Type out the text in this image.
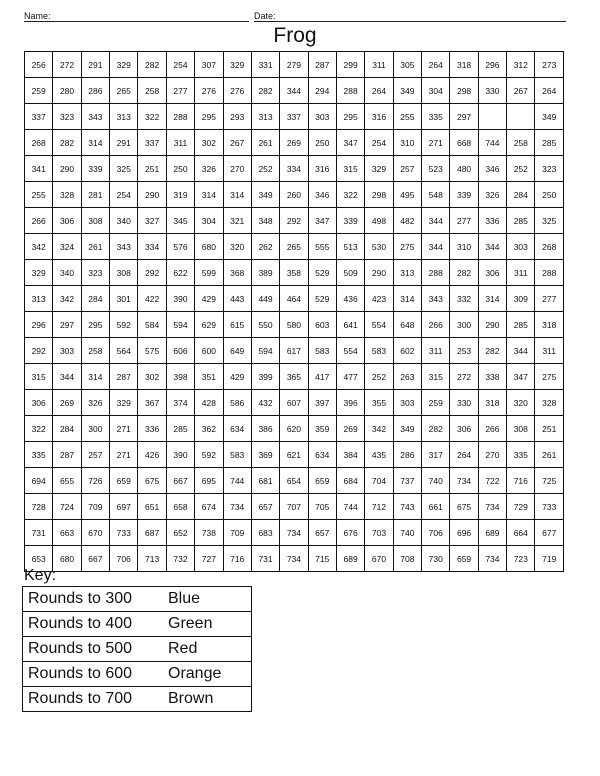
Name:	Date:
Frog
256	272	291	329	282	254	307	329	331	279	287	299	311	305	264	318	296	312	273
259	280	286	265	258	277	276	276	282	344	294	288	264	349	304	298	330	267	264
337	323	343	313	322	288	295	293	313	337	303	295	316	255	335	297			349
268	282	314	291	337	311	302	267	261	269	250	347	254	310	271	668	744	258	285
341	290	339	325	251	250	326	270	252	334	316	315	329	257	523	480	346	252	323
255	328	281	254	290	319	314	314	349	260	346	322	298	495	548	339	326	284	250
266	306	308	340	327	345	304	321	348	292	347	339	498	482	344	277	336	285	325
342	324	261	343	334	576	680	320	262	265	555	513	530	275	344	310	344	303	268
329	340	323	308	292	622	599	368	389	358	529	509	290	313	288	282	306	311	288
313	342	284	301	422	390	429	443	449	464	529	436	423	314	343	332	314	309	277
296	297	295	592	584	594	629	615	550	580	603	641	554	648	266	300	290	285	318
292	303	258	564	575	606	600	649	594	617	583	554	583	602	311	253	282	344	311
315	344	314	287	302	398	351	429	399	365	417	477	252	263	315	272	338	347	275
306	269	326	329	367	374	428	586	432	607	397	396	355	303	259	330	318	320	328
322	284	300	271	336	285	362	634	386	620	359	269	342	349	282	306	266	308	251
335	287	257	271	426	390	592	583	369	621	634	384	435	286	317	264	270	335	261
694	655	726	659	675	667	695	744	681	654	659	684	704	737	740	734	722	716	725
728	724	709	697	651	658	674	734	657	707	705	744	712	743	661	675	734	729	733
731	663	670	733	687	652	738	709	683	734	657	676	703	740	706	696	689	664	677
653	680	667	706	713	732	727	716	731	734	715	689	670	708	730	659	734	723	719
Key:
Rounds to 300	Blue
Rounds to 400	Green
Rounds to 500	Red
Rounds to 600	Orange
Rounds to 700	Brown
